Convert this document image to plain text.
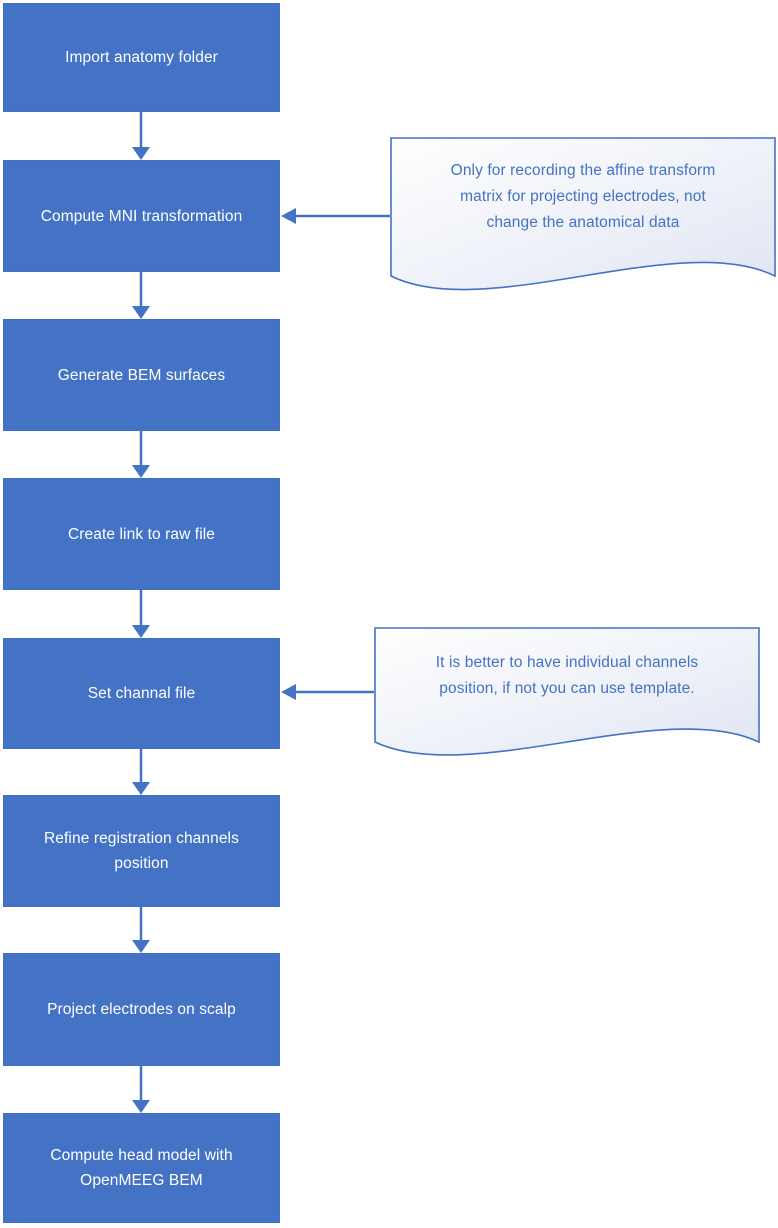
Import anatomy folder
Compute MNI transformation
Generate BEM surfaces
Create link to raw file
Set channal file
Refine registration channels position
Project electrodes on scalp
Compute head model with OpenMEEG BEM
Only for recording the affine transform
matrix for projecting electrodes, not
change the anatomical data
It is better to have individual channels
position, if not you can use template.
